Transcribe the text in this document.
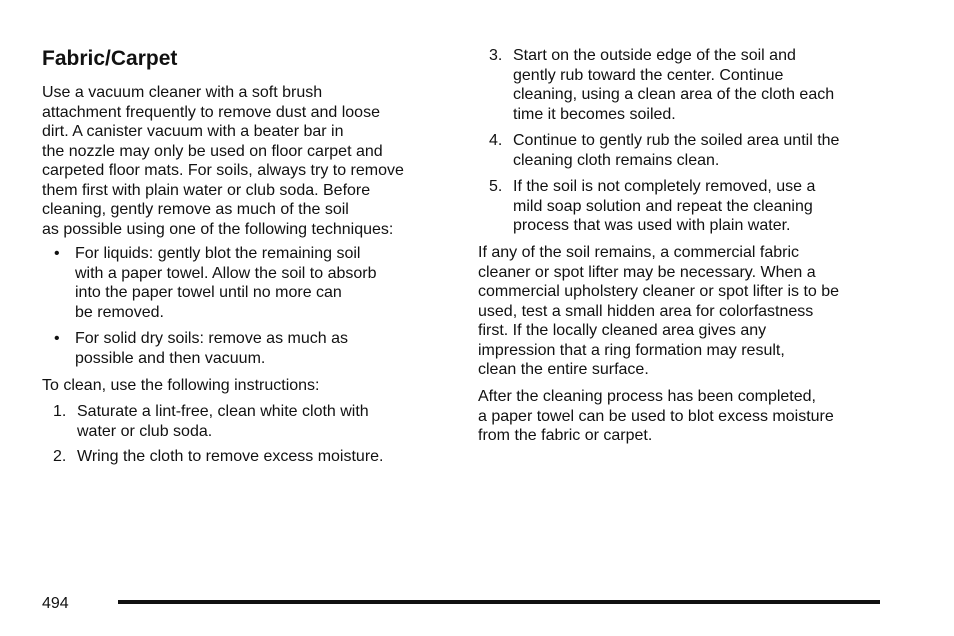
Fabric/Carpet

Use a vacuum cleaner with a soft brush
attachment frequently to remove dust and loose
dirt. A canister vacuum with a beater bar in
the nozzle may only be used on floor carpet and
carpeted floor mats. For soils, always try to remove
them first with plain water or club soda. Before
cleaning, gently remove as much of the soil
as possible using one of the following techniques:

• For liquids: gently blot the remaining soil
with a paper towel. Allow the soil to absorb
into the paper towel until no more can
be removed.
• For solid dry soils: remove as much as
possible and then vacuum.

To clean, use the following instructions:

1. Saturate a lint-free, clean white cloth with
water or club soda.
2. Wring the cloth to remove excess moisture.
3. Start on the outside edge of the soil and
gently rub toward the center. Continue
cleaning, using a clean area of the cloth each
time it becomes soiled.
4. Continue to gently rub the soiled area until the
cleaning cloth remains clean.
5. If the soil is not completely removed, use a
mild soap solution and repeat the cleaning
process that was used with plain water.

If any of the soil remains, a commercial fabric
cleaner or spot lifter may be necessary. When a
commercial upholstery cleaner or spot lifter is to be
used, test a small hidden area for colorfastness
first. If the locally cleaned area gives any
impression that a ring formation may result,
clean the entire surface.

After the cleaning process has been completed,
a paper towel can be used to blot excess moisture
from the fabric or carpet.

494
